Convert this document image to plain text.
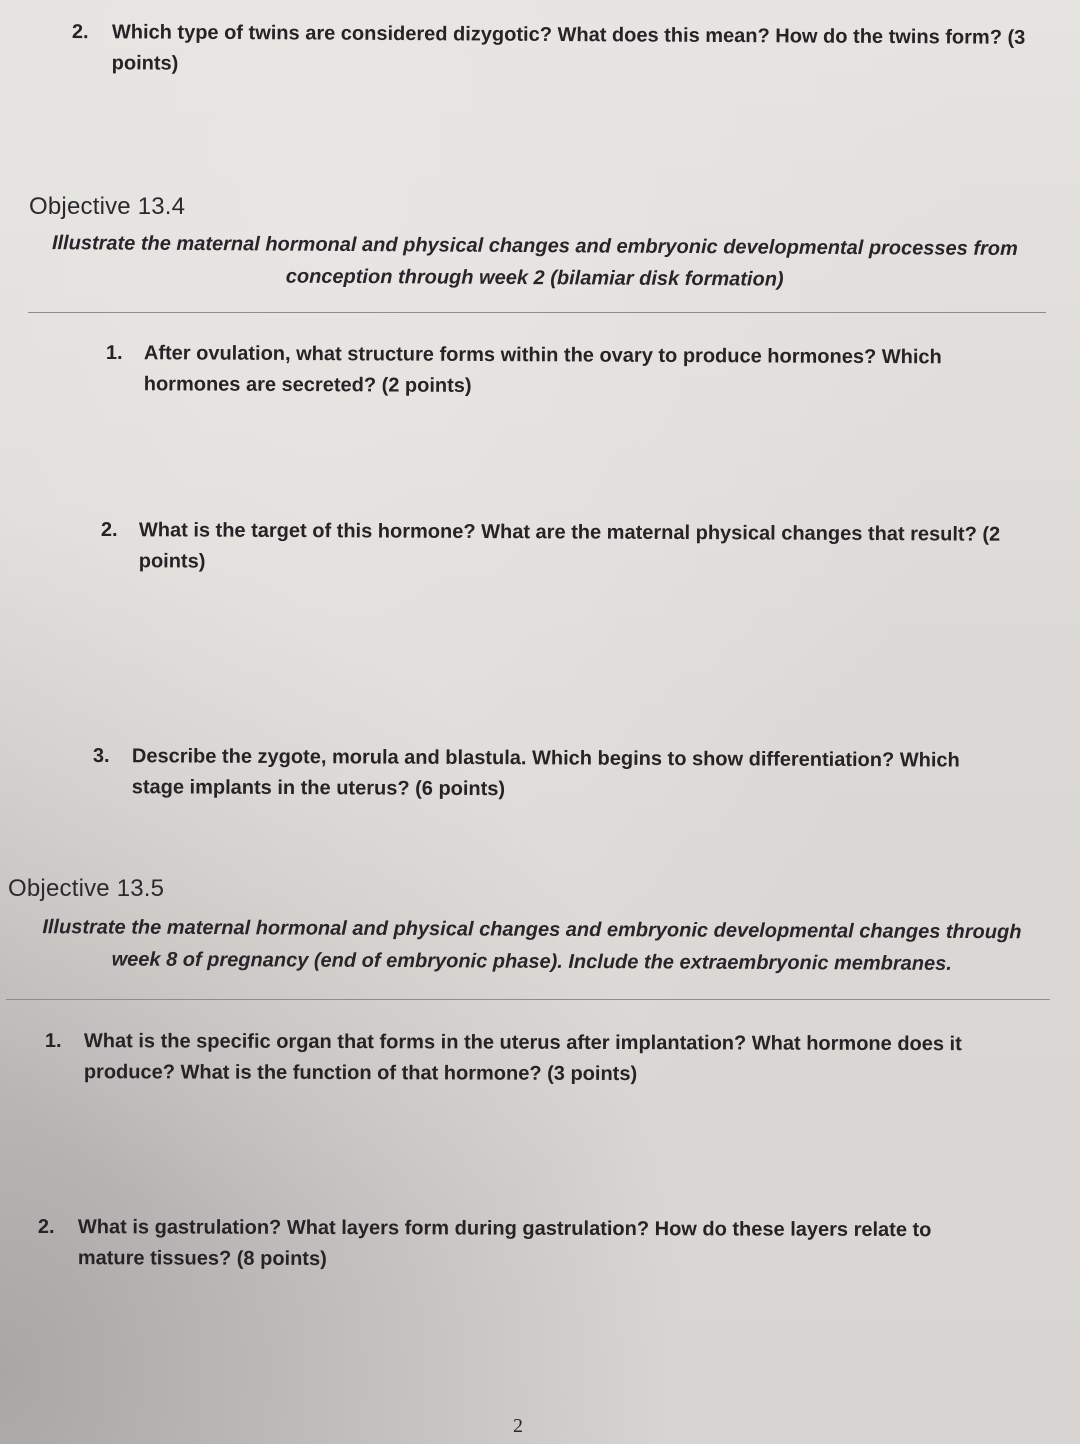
2.	Which type of twins are considered dizygotic? What does this mean? How do the twins form? (3 points)
Objective 13.4
Illustrate the maternal hormonal and physical changes and embryonic developmental processes from
conception through week 2 (bilamiar disk formation)
1.	After ovulation, what structure forms within the ovary to produce hormones? Which hormones are secreted? (2 points)
2.	What is the target of this hormone? What are the maternal physical changes that result? (2 points)
3.	Describe the zygote, morula and blastula. Which begins to show differentiation? Which stage implants in the uterus? (6 points)
Objective 13.5
Illustrate the maternal hormonal and physical changes and embryonic developmental changes through
week 8 of pregnancy (end of embryonic phase). Include the extraembryonic membranes.
1.	What is the specific organ that forms in the uterus after implantation? What hormone does it produce? What is the function of that hormone? (3 points)
2.	What is gastrulation? What layers form during gastrulation? How do these layers relate to mature tissues? (8 points)
2
